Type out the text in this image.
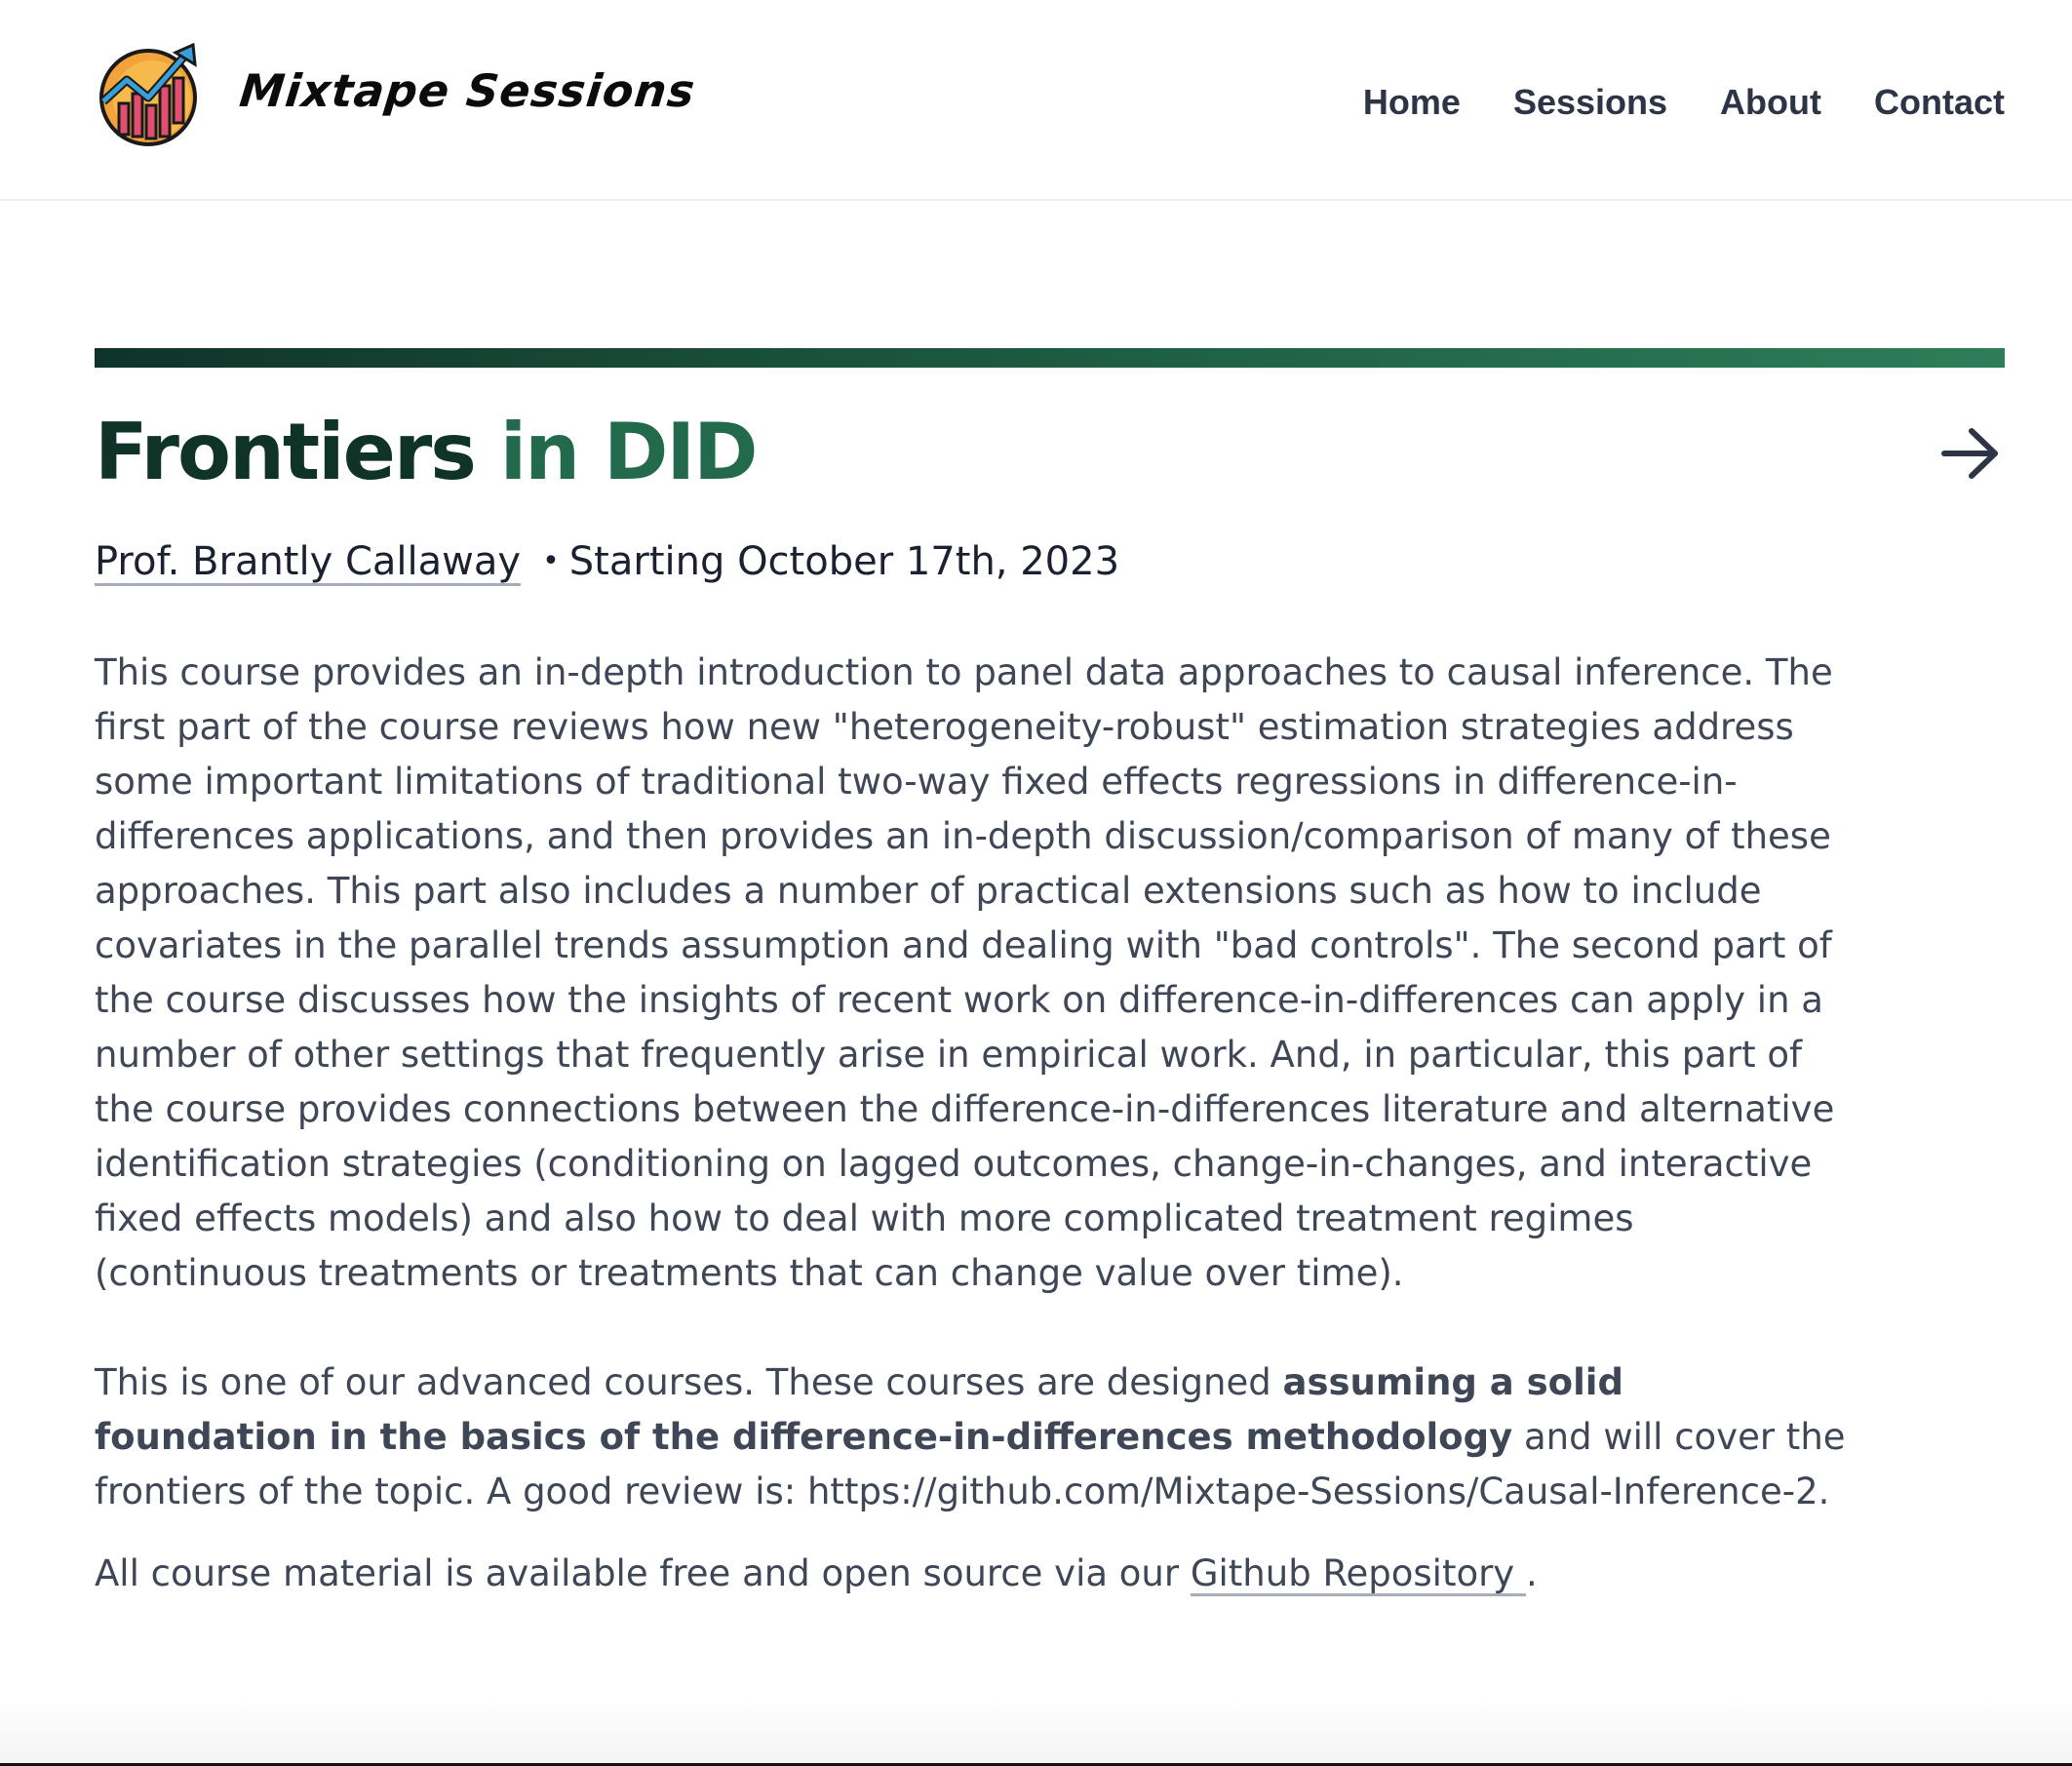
Mixtape Sessions	Home Sessions About Contact
Frontiers in DID
Prof. Brantly Callaway • Starting October 17th, 2023

This course provides an in-depth introduction to panel data approaches to causal inference. The first part of the course reviews how new "heterogeneity-robust" estimation strategies address some important limitations of traditional two-way fixed effects regressions in difference-in-differences applications, and then provides an in-depth discussion/comparison of many of these approaches. This part also includes a number of practical extensions such as how to include covariates in the parallel trends assumption and dealing with "bad controls". The second part of the course discusses how the insights of recent work on difference-in-differences can apply in a number of other settings that frequently arise in empirical work. And, in particular, this part of the course provides connections between the difference-in-differences literature and alternative identification strategies (conditioning on lagged outcomes, change-in-changes, and interactive fixed effects models) and also how to deal with more complicated treatment regimes (continuous treatments or treatments that can change value over time).

This is one of our advanced courses. These courses are designed assuming a solid foundation in the basics of the difference-in-differences methodology and will cover the frontiers of the topic. A good review is: https://github.com/Mixtape-Sessions/Causal-Inference-2.

All course material is available free and open source via our Github Repository .
